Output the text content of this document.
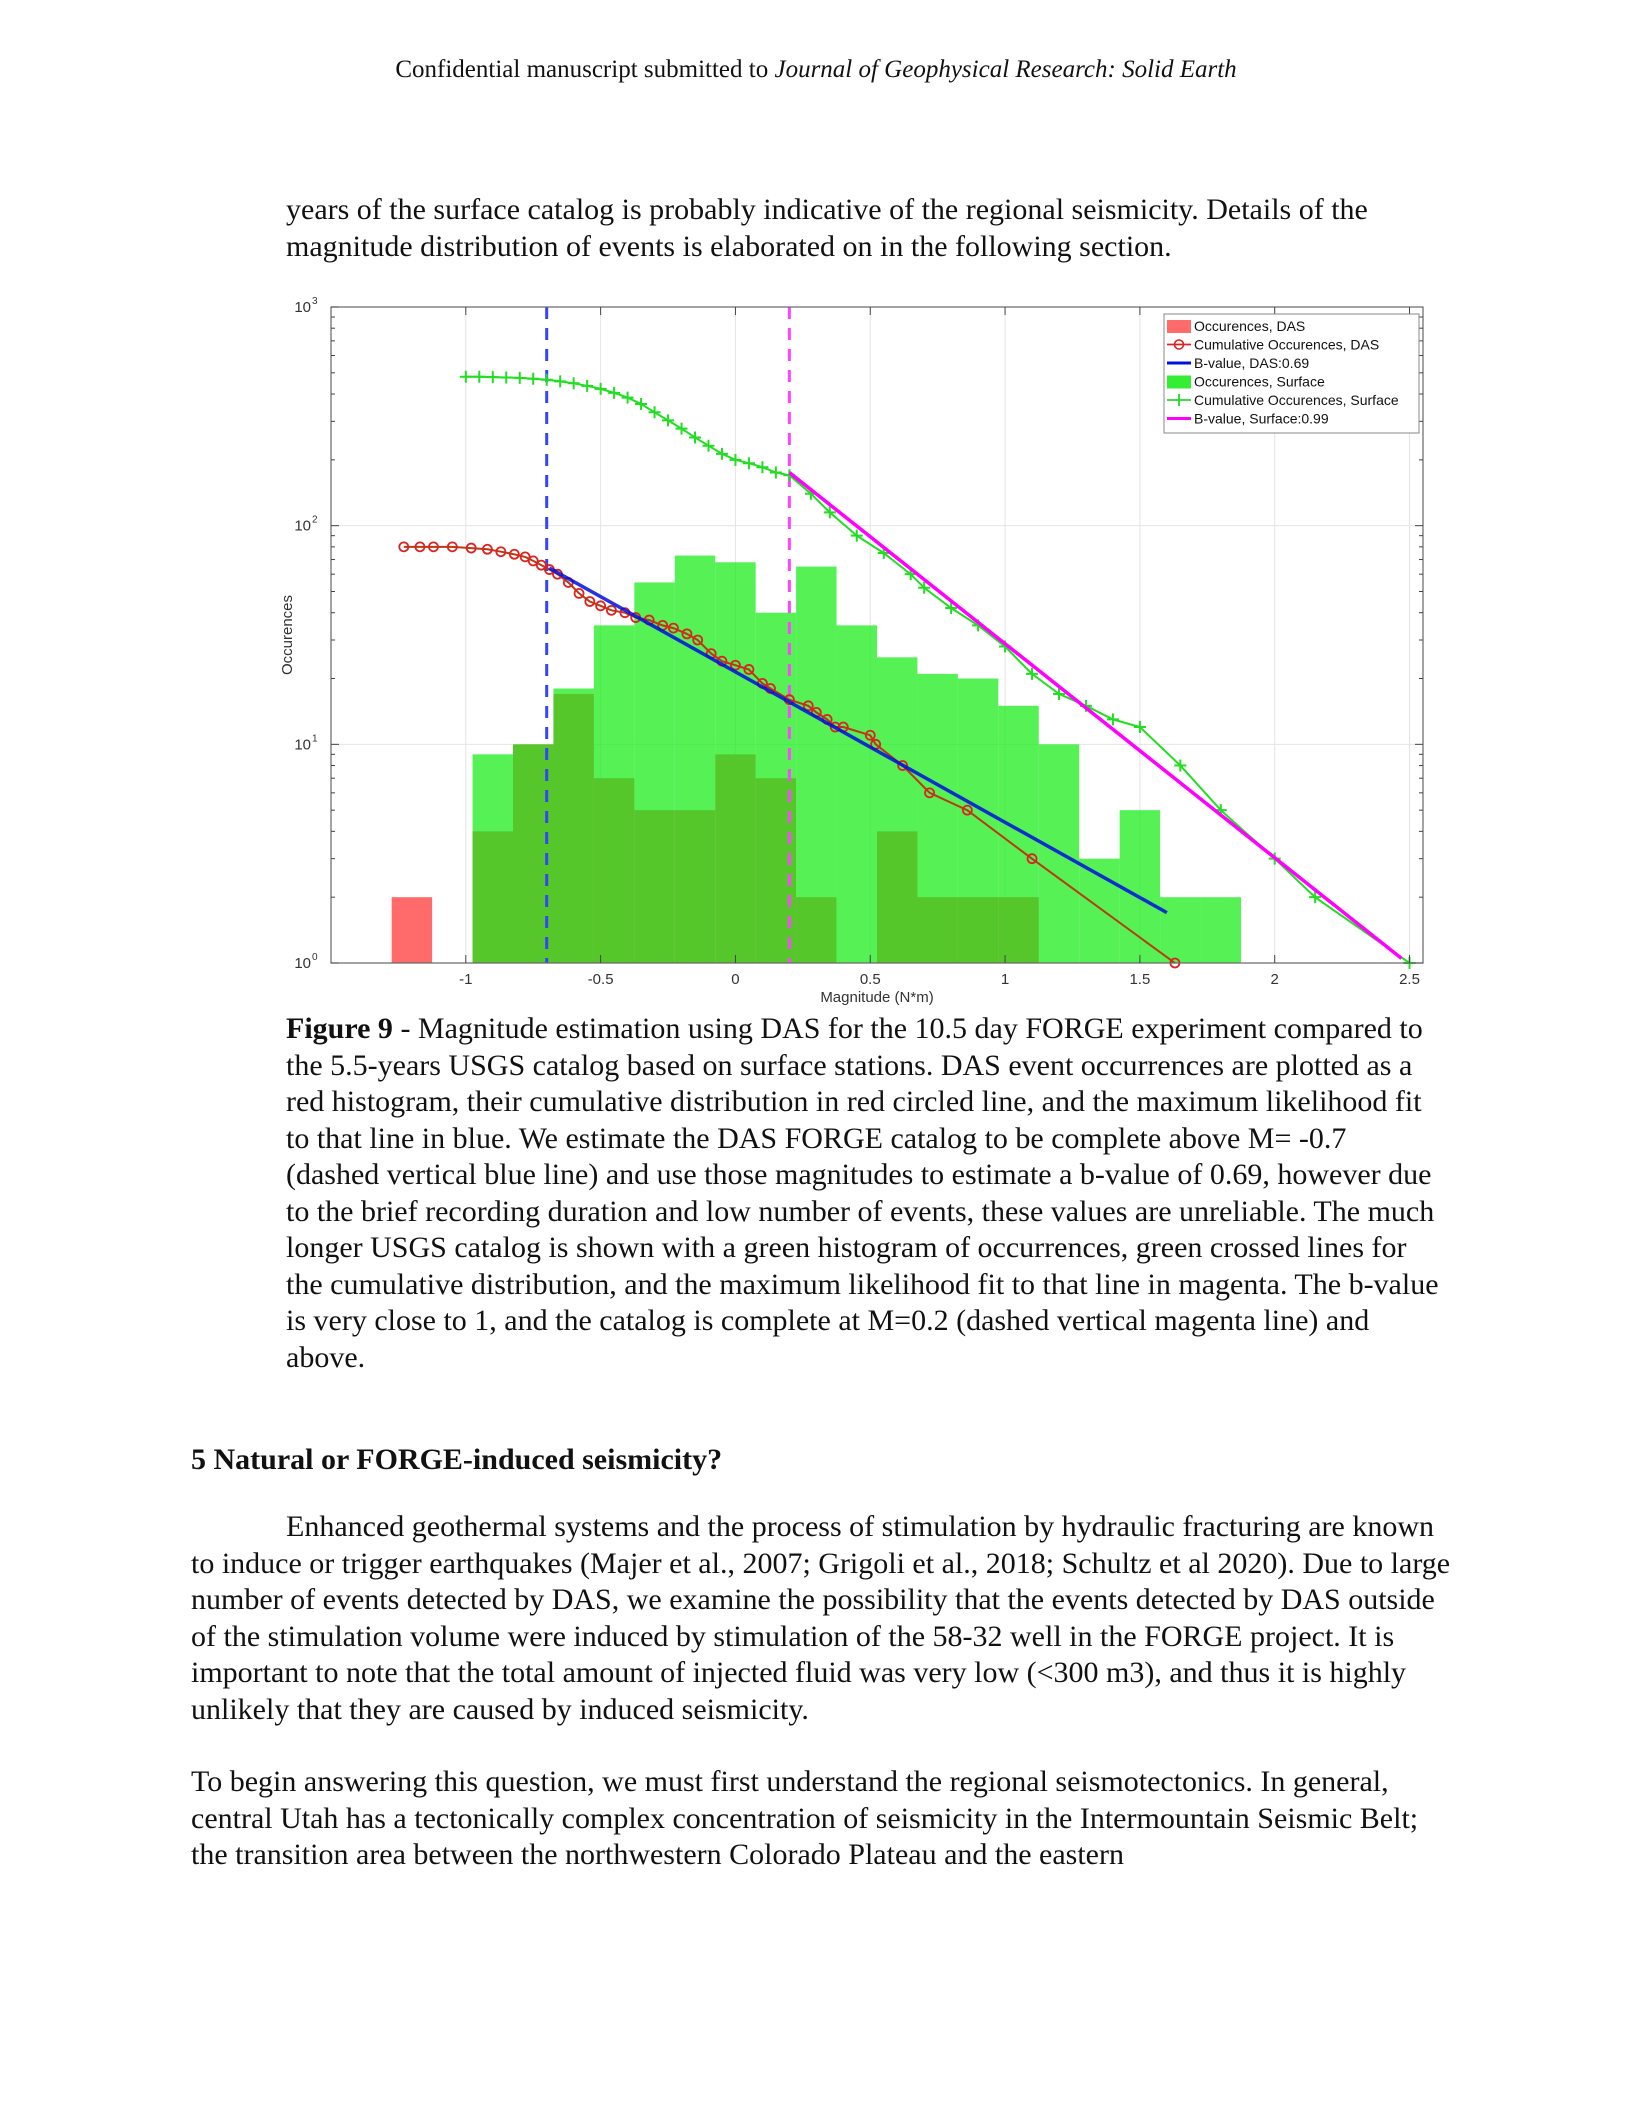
Confidential manuscript submitted to Journal of Geophysical Research: Solid Earth

years of the surface catalog is probably indicative of the regional seismicity. Details of the magnitude distribution of events is elaborated on in the following section.

-1	-0.5	0	0.5	1	1.5	2	2.5
10 0
10 1
10 2
10 3
Magnitude (N*m)
Occurences
Occurences, DAS
Cumulative Occurences, DAS
B-value, DAS:0.69
Occurences, Surface
Cumulative Occurences, Surface
B-value, Surface:0.99

Figure 9 - Magnitude estimation using DAS for the 10.5 day FORGE experiment compared to the 5.5-years USGS catalog based on surface stations. DAS event occurrences are plotted as a red histogram, their cumulative distribution in red circled line, and the maximum likelihood fit to that line in blue. We estimate the DAS FORGE catalog to be complete above M= -0.7 (dashed vertical blue line) and use those magnitudes to estimate a b-value of 0.69, however due to the brief recording duration and low number of events, these values are unreliable. The much longer USGS catalog is shown with a green histogram of occurrences, green crossed lines for the cumulative distribution, and the maximum likelihood fit to that line in magenta. The b-value is very close to 1, and the catalog is complete at M=0.2 (dashed vertical magenta line) and above.

5 Natural or FORGE-induced seismicity?

Enhanced geothermal systems and the process of stimulation by hydraulic fracturing are known to induce or trigger earthquakes (Majer et al., 2007; Grigoli et al., 2018; Schultz et al 2020). Due to large number of events detected by DAS, we examine the possibility that the events detected by DAS outside of the stimulation volume were induced by stimulation of the 58-32 well in the FORGE project. It is important to note that the total amount of injected fluid was very low (<300 m3), and thus it is highly unlikely that they are caused by induced seismicity.

To begin answering this question, we must first understand the regional seismotectonics. In general, central Utah has a tectonically complex concentration of seismicity in the Intermountain Seismic Belt; the transition area between the northwestern Colorado Plateau and the eastern
